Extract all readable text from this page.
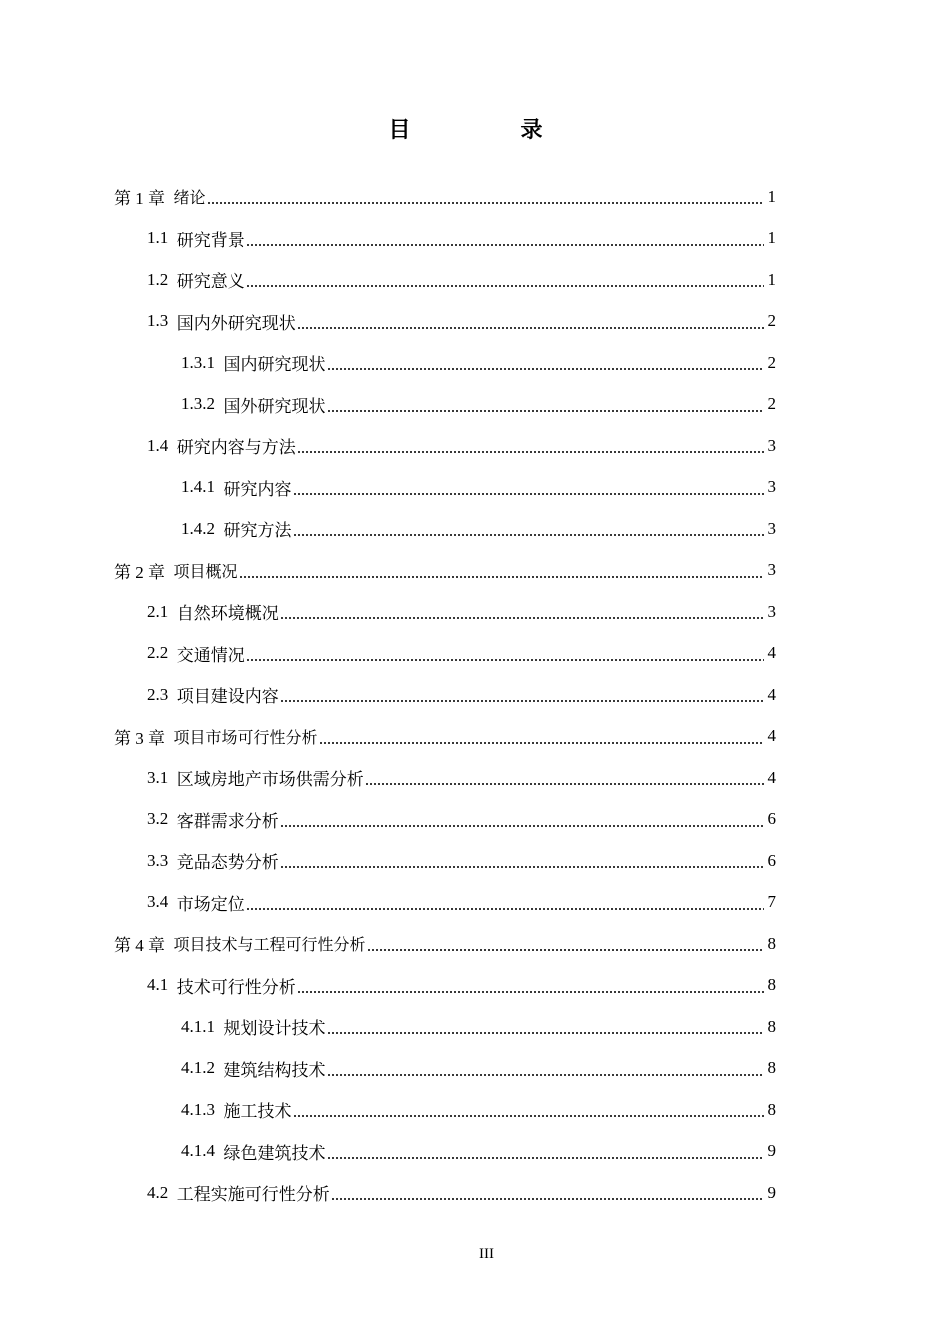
目　录
第 1 章 绪论	1
1.1 研究背景	1
1.2 研究意义	1
1.3 国内外研究现状	2
1.3.1 国内研究现状	2
1.3.2 国外研究现状	2
1.4 研究内容与方法	3
1.4.1 研究内容	3
1.4.2 研究方法	3
第 2 章 项目概况	3
2.1 自然环境概况	3
2.2 交通情况	4
2.3 项目建设内容	4
第 3 章 项目市场可行性分析	4
3.1 区域房地产市场供需分析	4
3.2 客群需求分析	6
3.3 竞品态势分析	6
3.4 市场定位	7
第 4 章 项目技术与工程可行性分析	8
4.1 技术可行性分析	8
4.1.1 规划设计技术	8
4.1.2 建筑结构技术	8
4.1.3 施工技术	8
4.1.4 绿色建筑技术	9
4.2 工程实施可行性分析	9
III
